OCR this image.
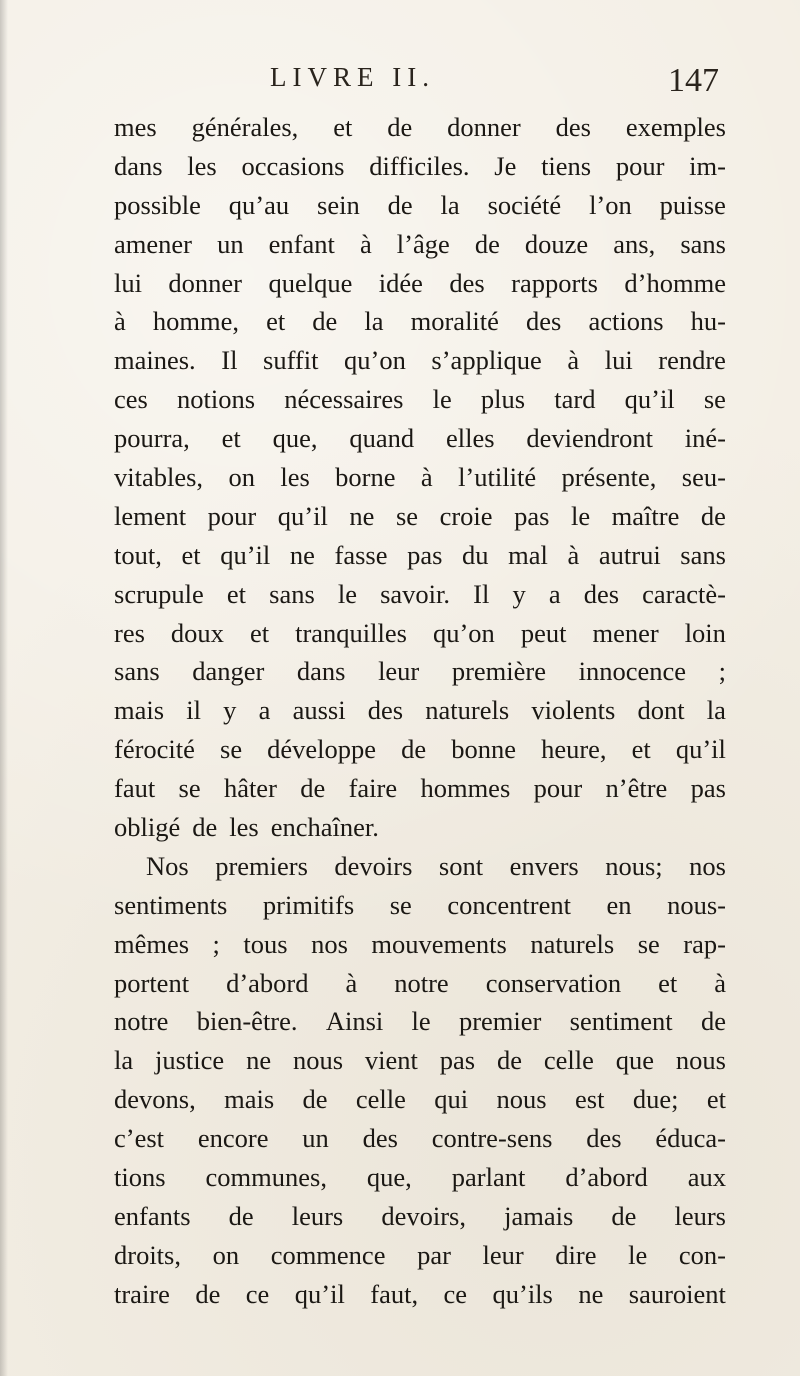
LIVRE II.	147
mes générales, et de donner des exemples
dans les occasions difficiles. Je tiens pour im-
possible qu’au sein de la société l’on puisse
amener un enfant à l’âge de douze ans, sans
lui donner quelque idée des rapports d’homme
à homme, et de la moralité des actions hu-
maines. Il suffit qu’on s’applique à lui rendre
ces notions nécessaires le plus tard qu’il se
pourra, et que, quand elles deviendront iné-
vitables, on les borne à l’utilité présente, seu-
lement pour qu’il ne se croie pas le maître de
tout, et qu’il ne fasse pas du mal à autrui sans
scrupule et sans le savoir. Il y a des caractè-
res doux et tranquilles qu’on peut mener loin
sans danger dans leur première innocence ;
mais il y a aussi des naturels violents dont la
férocité se développe de bonne heure, et qu’il
faut se hâter de faire hommes pour n’être pas
obligé de les enchaîner.
Nos premiers devoirs sont envers nous; nos
sentiments primitifs se concentrent en nous-
mêmes ; tous nos mouvements naturels se rap-
portent d’abord à notre conservation et à
notre bien-être. Ainsi le premier sentiment de
la justice ne nous vient pas de celle que nous
devons, mais de celle qui nous est due; et
c’est encore un des contre-sens des éduca-
tions communes, que, parlant d’abord aux
enfants de leurs devoirs, jamais de leurs
droits, on commence par leur dire le con-
traire de ce qu’il faut, ce qu’ils ne sauroient
